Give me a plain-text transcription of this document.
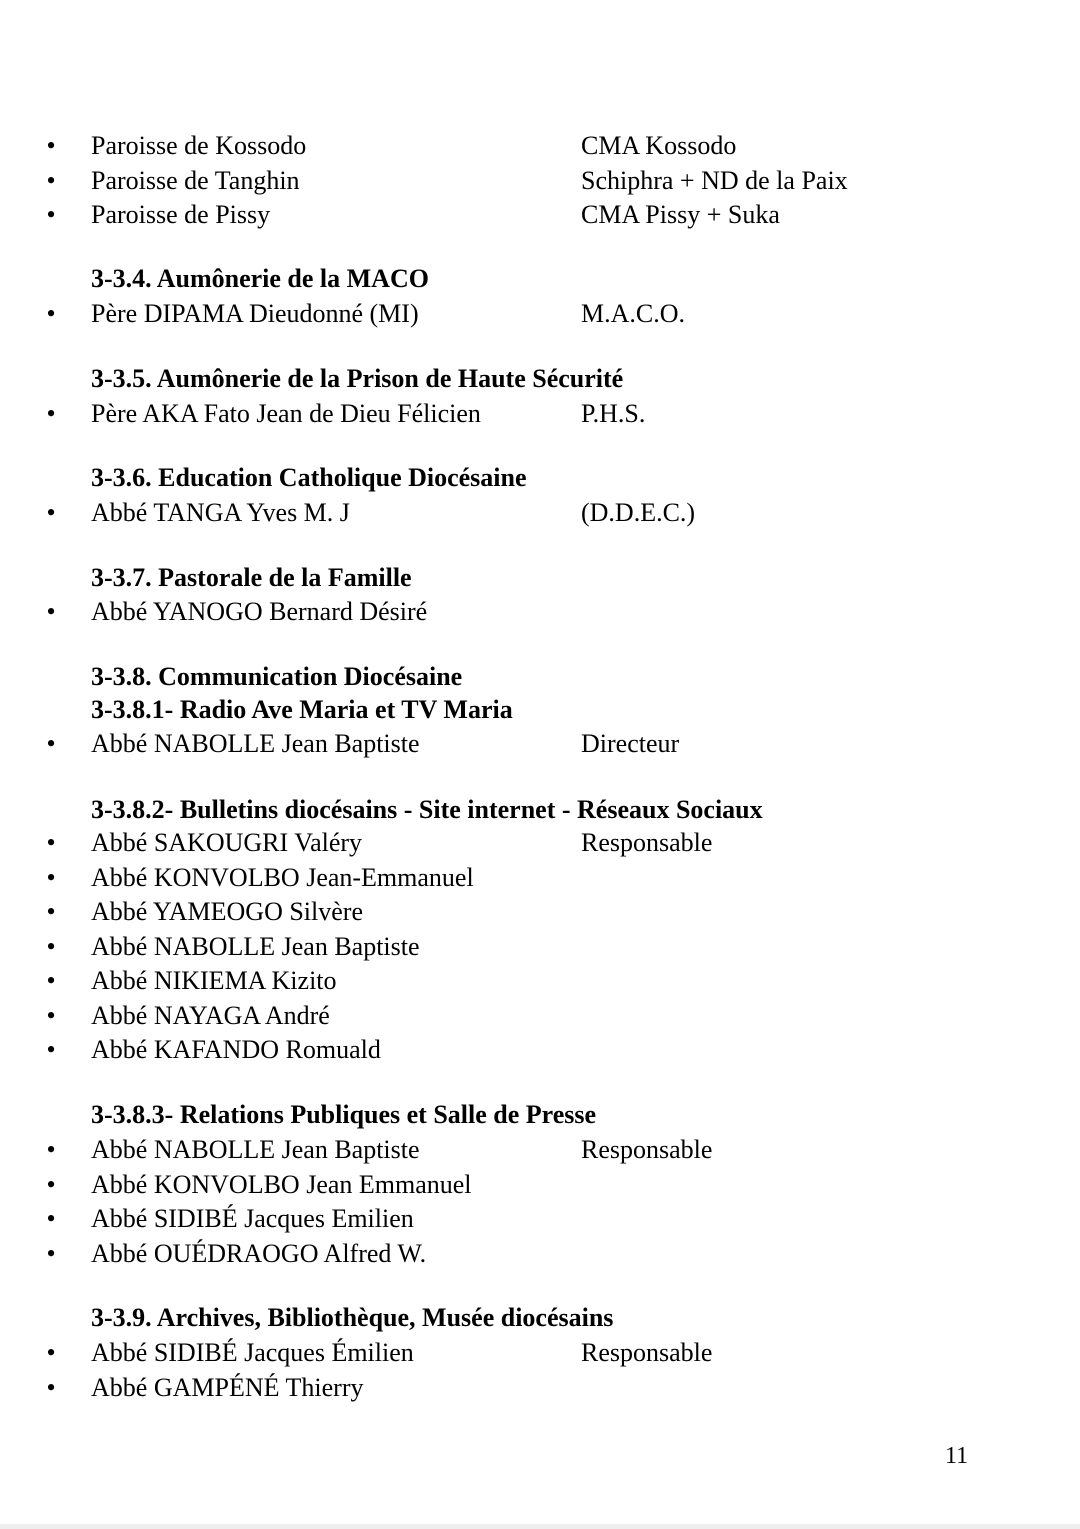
11
• Paroisse de Kossodo	CMA Kossodo
• Paroisse de Tanghin	Schiphra + ND de la Paix
• Paroisse de Pissy	CMA Pissy + Suka
3-3.4. Aumônerie de la MACO
• Père DIPAMA Dieudonné (MI)	M.A.C.O.
3-3.5. Aumônerie de la Prison de Haute Sécurité
• Père AKA Fato Jean de Dieu Félicien	P.H.S.
3-3.6. Education Catholique Diocésaine
• Abbé TANGA Yves M. J	(D.D.E.C.)
3-3.7. Pastorale de la Famille
• Abbé YANOGO Bernard Désiré
3-3.8. Communication Diocésaine
3-3.8.1- Radio Ave Maria et TV Maria
• Abbé NABOLLE Jean Baptiste	Directeur
3-3.8.2- Bulletins diocésains - Site internet - Réseaux Sociaux
• Abbé SAKOUGRI Valéry	Responsable
• Abbé KONVOLBO Jean-Emmanuel
• Abbé YAMEOGO Silvère
• Abbé NABOLLE Jean Baptiste
• Abbé NIKIEMA Kizito
• Abbé NAYAGA André
• Abbé KAFANDO Romuald
3-3.8.3- Relations Publiques et Salle de Presse
• Abbé NABOLLE Jean Baptiste	Responsable
• Abbé KONVOLBO Jean Emmanuel
• Abbé SIDIBÉ Jacques Emilien
• Abbé OUÉDRAOGO Alfred W.
3-3.9. Archives, Bibliothèque, Musée diocésains
• Abbé SIDIBÉ Jacques Émilien	Responsable
• Abbé GAMPÉNÉ Thierry
